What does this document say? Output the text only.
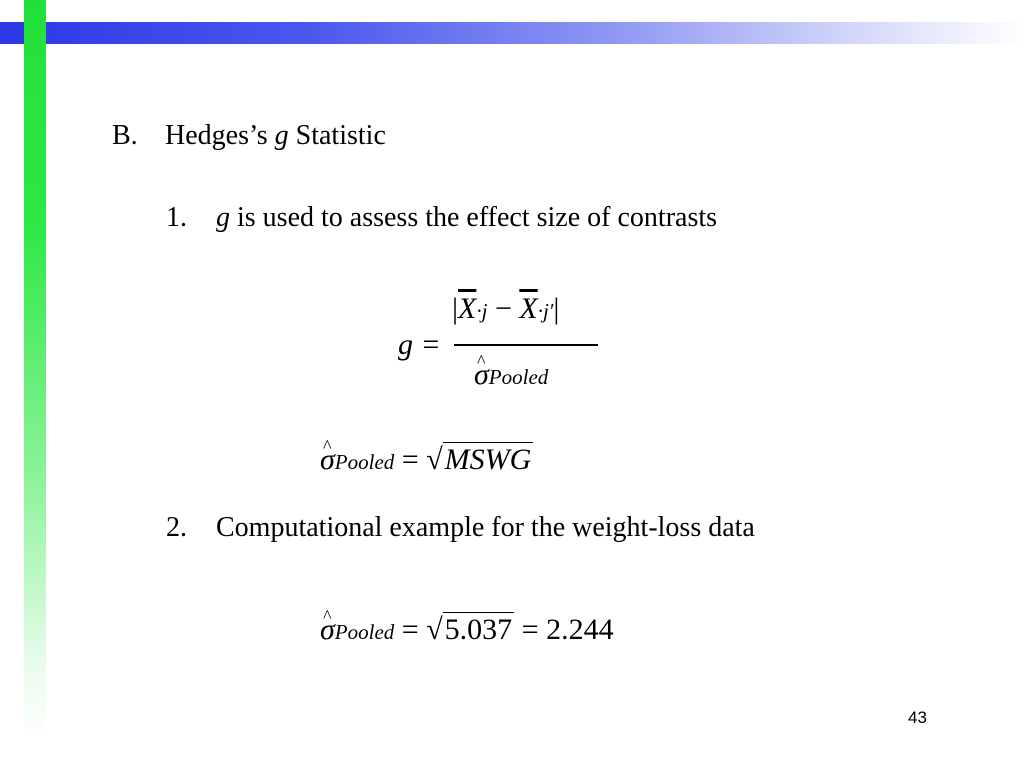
B. Hedges’s g Statistic
1. g is used to assess the effect size of contrasts
g =
$|\overline{X}\cdot j - \overline{X}\cdot j'|$
^ σPooled
^ σPooled = √MSWG
2. Computational example for the weight-loss data
^ σPooled = √5.037 = 2.244
43
